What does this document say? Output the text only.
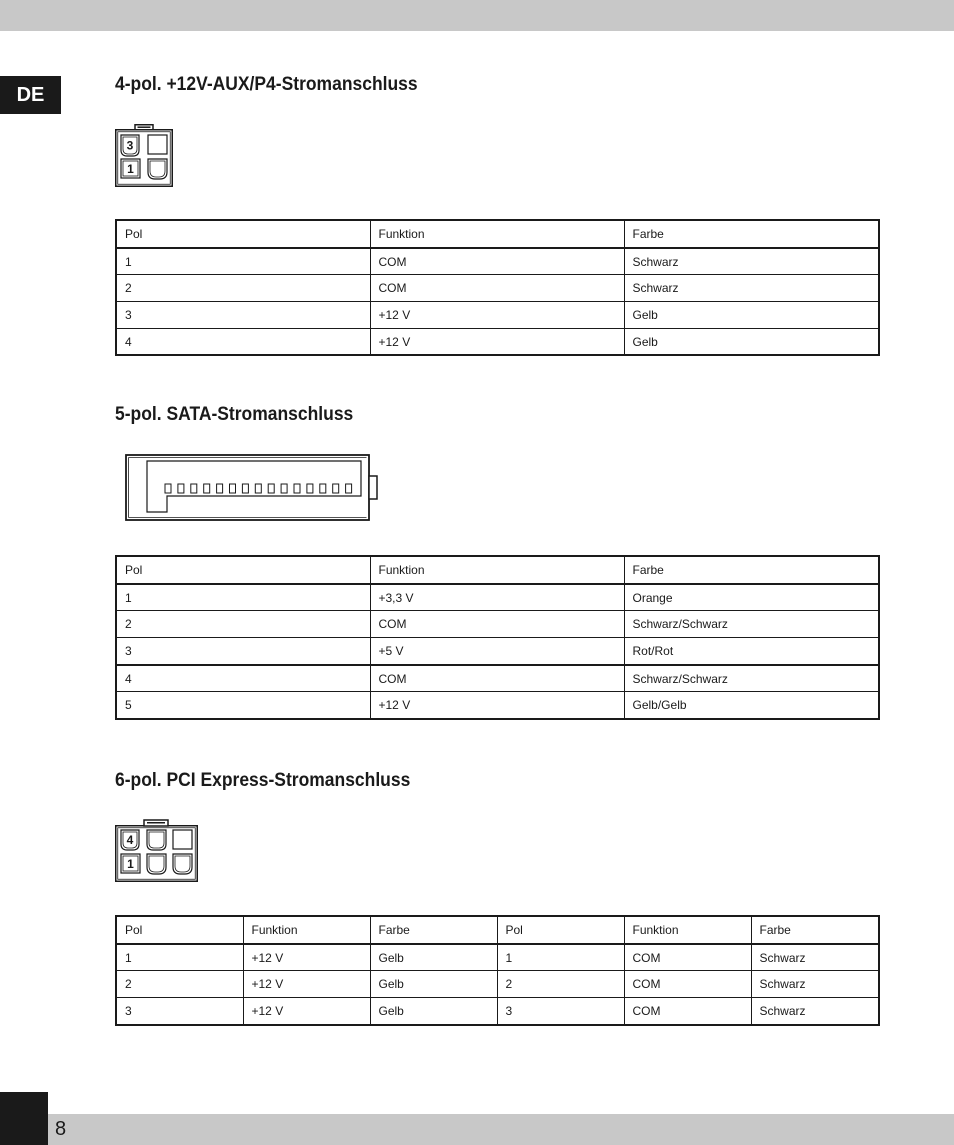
DE	4-pol. +12V-AUX/P4-Stromanschluss
3
1
Pol	Funktion	Farbe
1	COM	Schwarz
2	COM	Schwarz
3	+12 V	Gelb
4	+12 V	Gelb
5-pol. SATA-Stromanschluss
Pol	Funktion	Farbe
1	+3,3 V	Orange
2	COM	Schwarz/Schwarz
3	+5 V	Rot/Rot
4	COM	Schwarz/Schwarz
5	+12 V	Gelb/Gelb
6-pol. PCI Express-Stromanschluss
4
1
Pol	Funktion	Farbe	Pol	Funktion	Farbe
1	+12 V	Gelb	1	COM	Schwarz
2	+12 V	Gelb	2	COM	Schwarz
3	+12 V	Gelb	3	COM	Schwarz
8
